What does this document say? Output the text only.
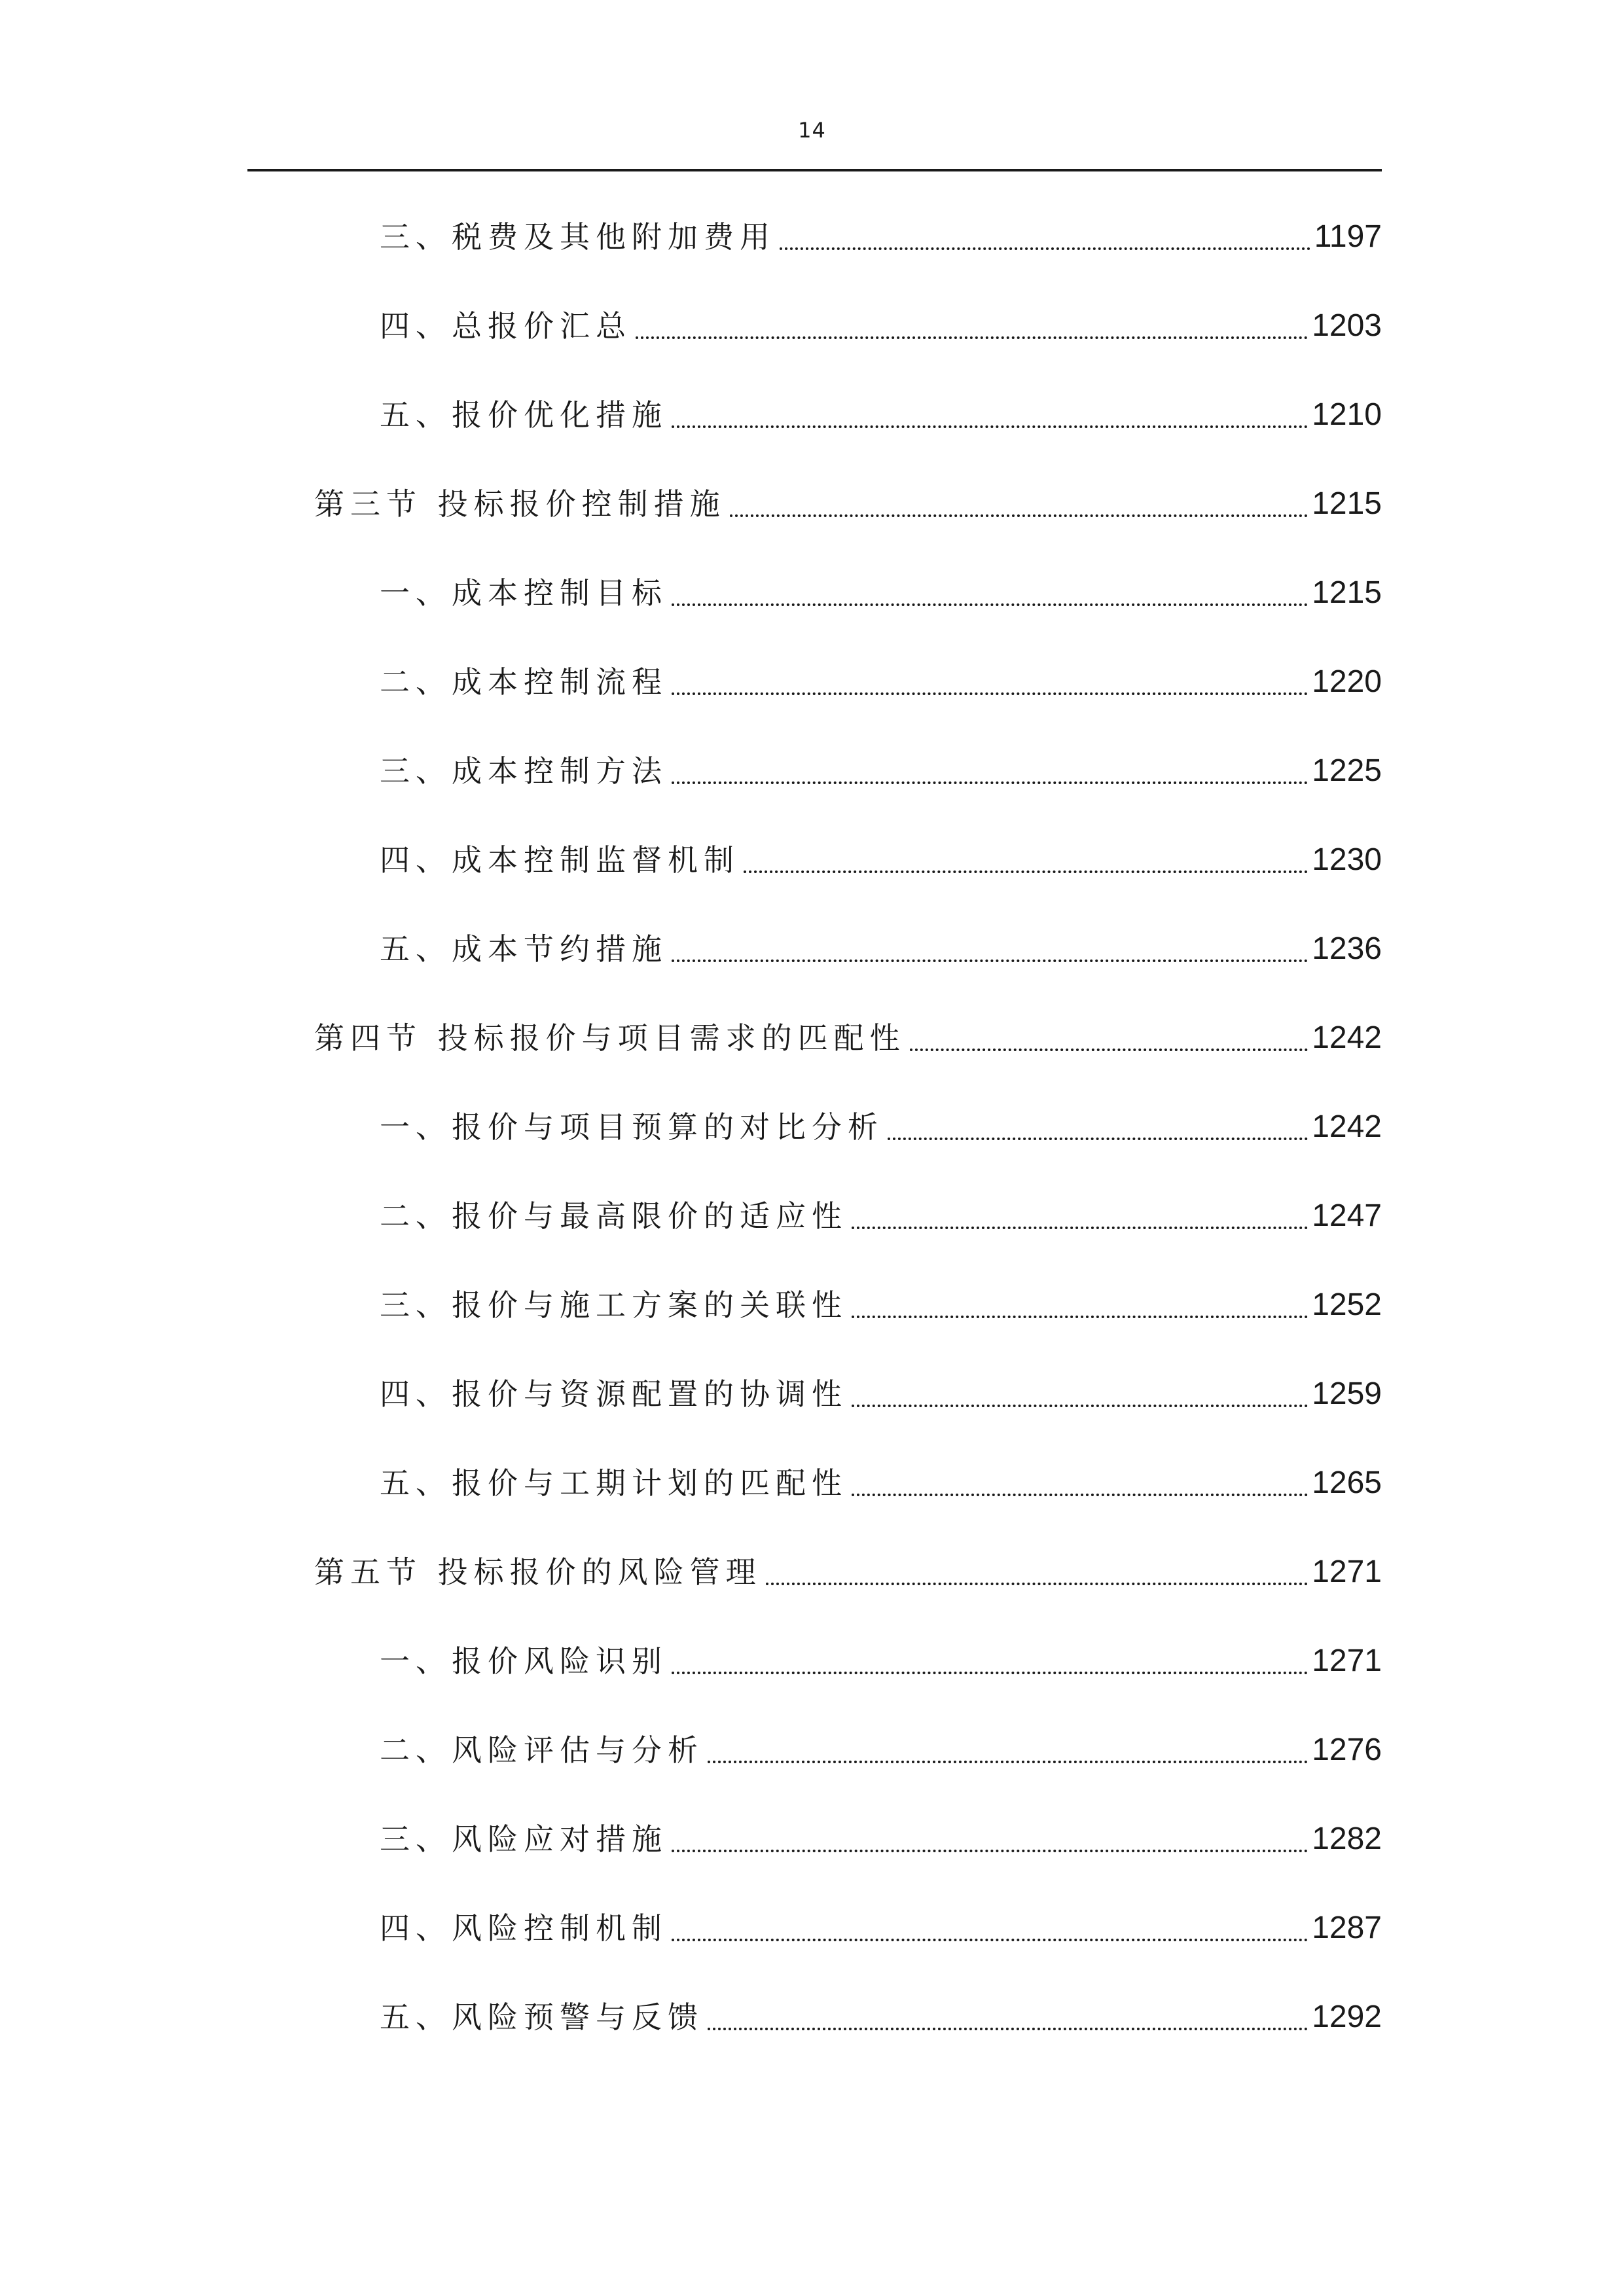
14
三、税费及其他附加费用	1197
四、总报价汇总	1203
五、报价优化措施	1210
第三节 投标报价控制措施	1215
一、成本控制目标	1215
二、成本控制流程	1220
三、成本控制方法	1225
四、成本控制监督机制	1230
五、成本节约措施	1236
第四节 投标报价与项目需求的匹配性	1242
一、报价与项目预算的对比分析	1242
二、报价与最高限价的适应性	1247
三、报价与施工方案的关联性	1252
四、报价与资源配置的协调性	1259
五、报价与工期计划的匹配性	1265
第五节 投标报价的风险管理	1271
一、报价风险识别	1271
二、风险评估与分析	1276
三、风险应对措施	1282
四、风险控制机制	1287
五、风险预警与反馈	1292
